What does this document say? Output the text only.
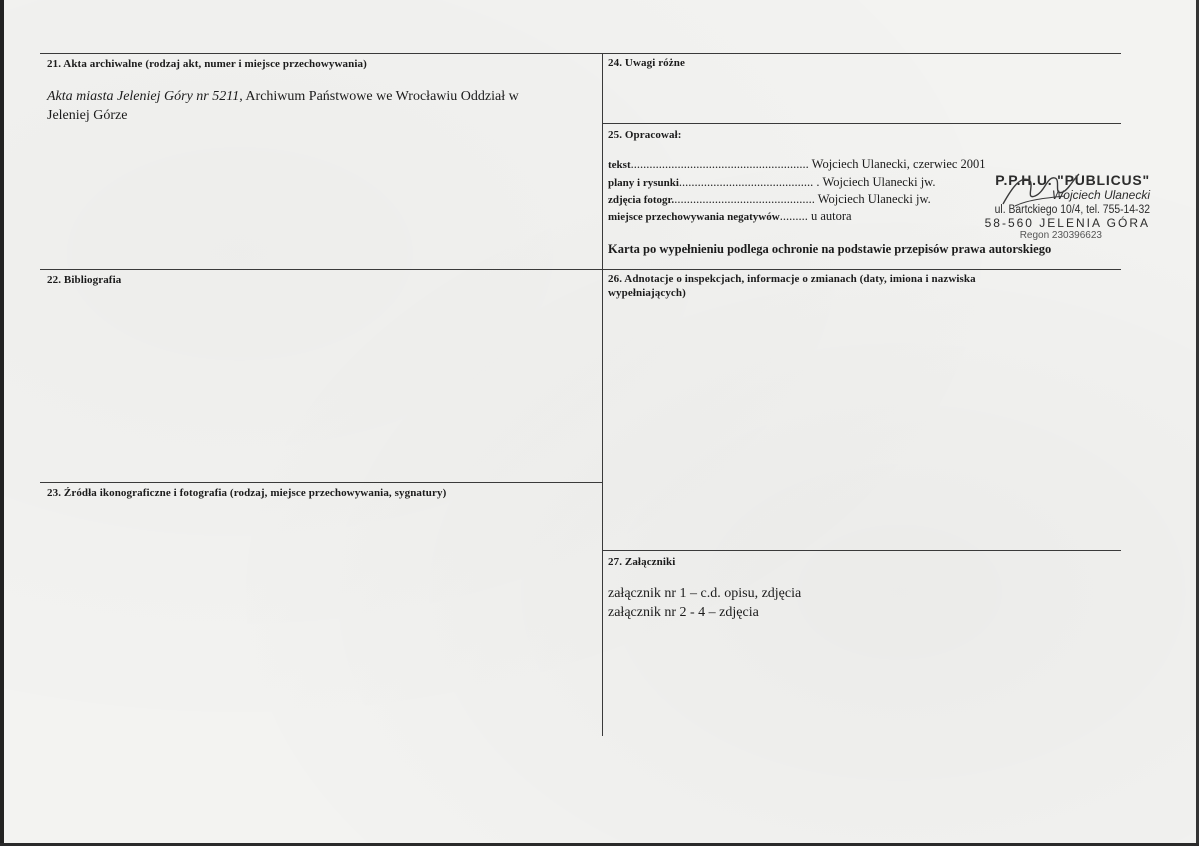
21. Akta archiwalne (rodzaj akt, numer i miejsce przechowywania)
Akta miasta Jeleniej Góry nr 5211, Archiwum Państwowe we Wrocławiu Oddział w
Jeleniej Górze
22. Bibliografia
23. Źródła ikonograficzne i fotografia (rodzaj, miejsce przechowywania, sygnatury)
24. Uwagi różne
25. Opracował:
tekst......................................................... Wojciech Ulanecki, czerwiec 2001
plany i rysunki........................................... . Wojciech Ulanecki jw.
zdjęcia fotogr.............................................. Wojciech Ulanecki jw.
miejsce przechowywania negatywów......... u autora
Karta po wypełnieniu podlega ochronie na podstawie przepisów prawa autorskiego
P.P.H.U. "PUBLICUS"
Wojciech Ulanecki
ul. Bartckiego 10/4, tel. 755-14-32
58-560 JELENIA GÓRA
Regon 230396623
26. Adnotacje o inspekcjach, informacje o zmianach (daty, imiona i nazwiska
wypełniających)
27. Załączniki
załącznik nr 1 – c.d. opisu, zdjęcia
załącznik nr 2 - 4 – zdjęcia
